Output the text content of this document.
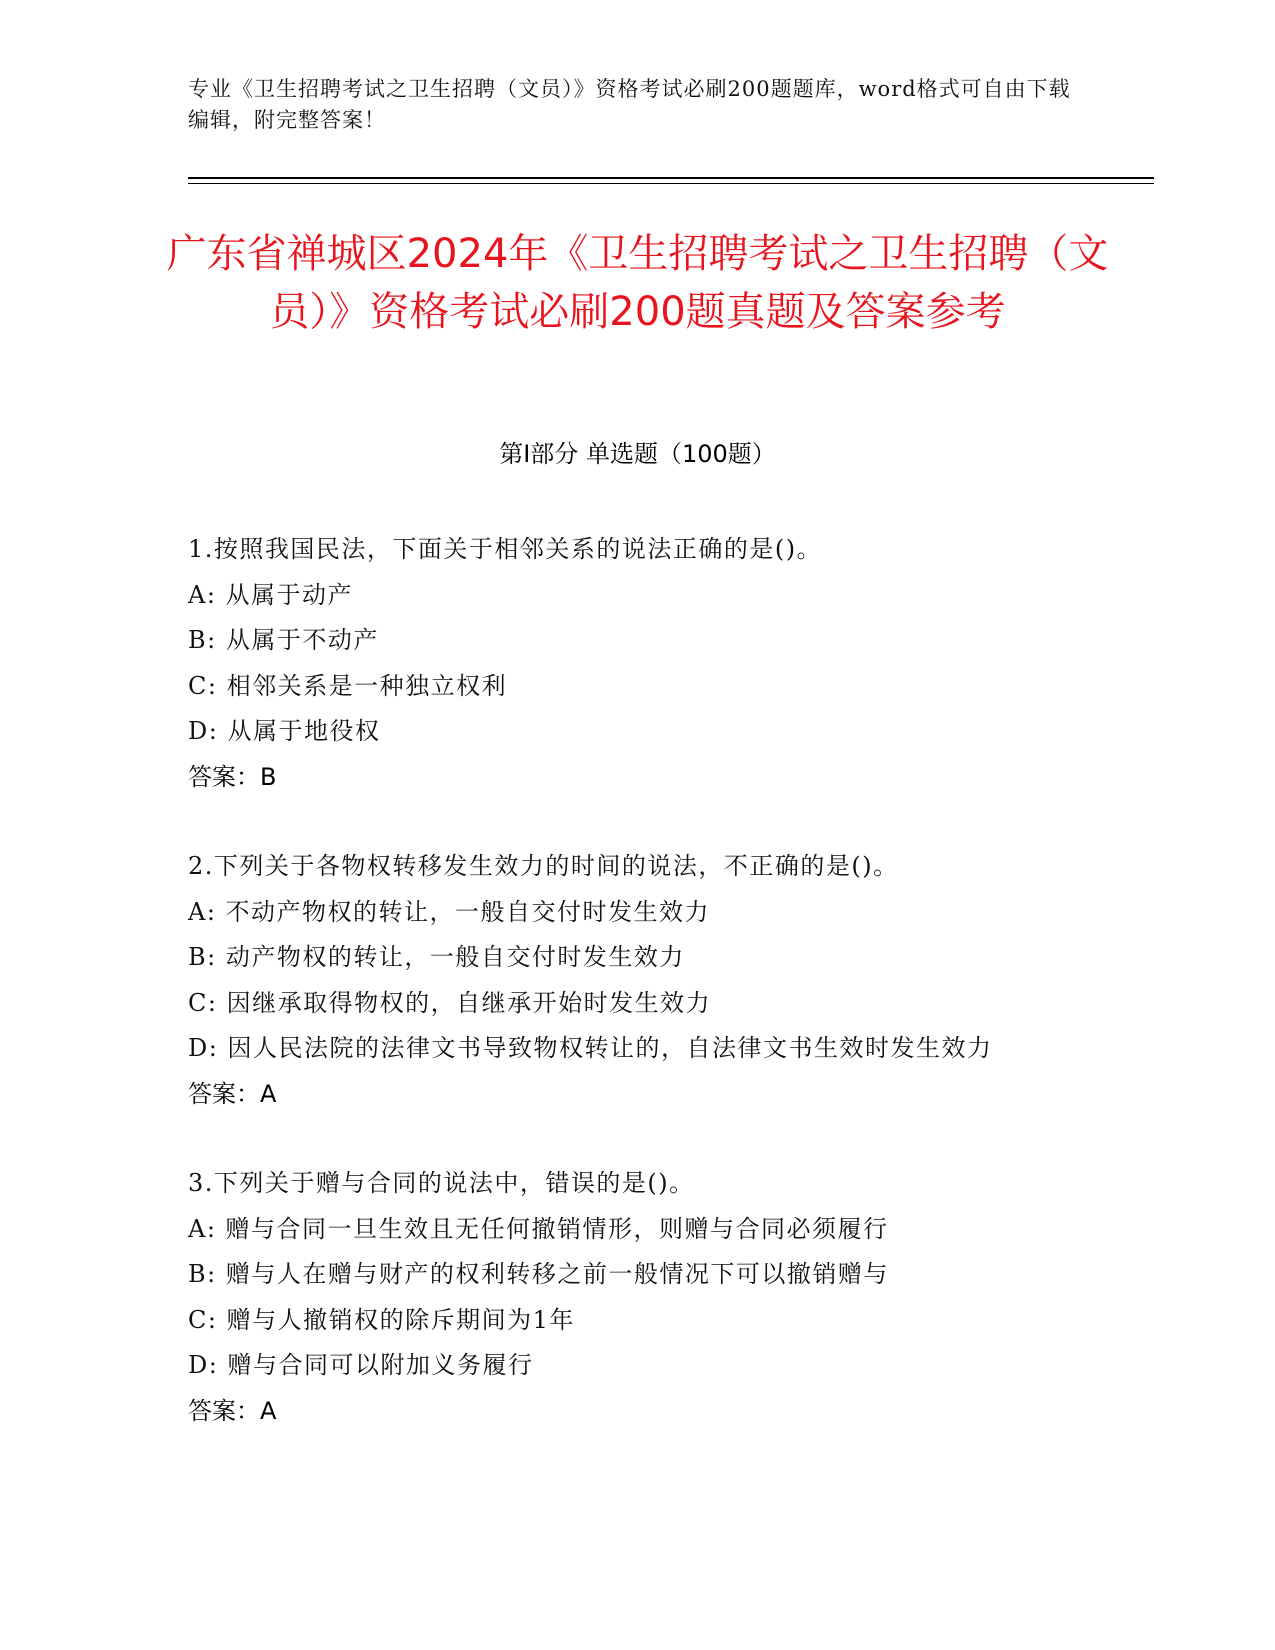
专业《卫生招聘考试之卫生招聘（文员）》资格考试必刷200题题库，word格式可自由下载编辑，附完整答案！
广东省禅城区2024年《卫生招聘考试之卫生招聘（文员）》资格考试必刷200题真题及答案参考
第I部分 单选题（100题）
1.按照我国民法，下面关于相邻关系的说法正确的是()。
A: 从属于动产
B: 从属于不动产
C: 相邻关系是一种独立权利
D: 从属于地役权
答案：B
2.下列关于各物权转移发生效力的时间的说法，不正确的是()。
A: 不动产物权的转让，一般自交付时发生效力
B: 动产物权的转让，一般自交付时发生效力
C: 因继承取得物权的，自继承开始时发生效力
D: 因人民法院的法律文书导致物权转让的，自法律文书生效时发生效力
答案：A
3.下列关于赠与合同的说法中，错误的是()。
A: 赠与合同一旦生效且无任何撤销情形，则赠与合同必须履行
B: 赠与人在赠与财产的权利转移之前一般情况下可以撤销赠与
C: 赠与人撤销权的除斥期间为1年
D: 赠与合同可以附加义务履行
答案：A
